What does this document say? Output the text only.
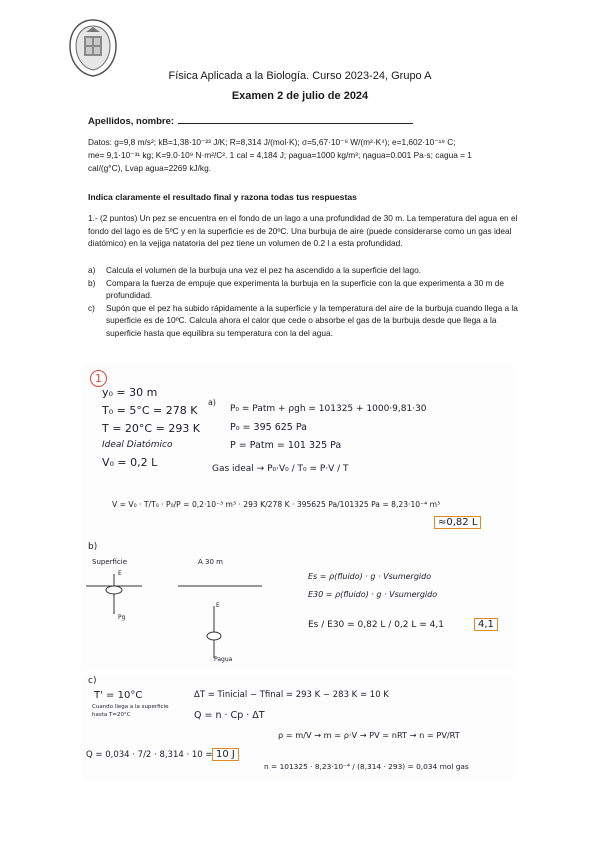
Física Aplicada a la Biología. Curso 2023-24, Grupo A
Examen 2 de julio de 2024
Apellidos, nombre:
Datos: g=9,8 m/s²; kB=1,38·10⁻²³ J/K; R=8,314 J/(mol·K); σ=5,67·10⁻⁸ W/(m²·K⁴); e=1,602·10⁻¹⁹ C;
me= 9,1·10⁻³¹ kg; K=9.0·10⁹ N·m²/C². 1 cal = 4,184 J; ρagua=1000 kg/m³; ηagua=0.001 Pa·s; cagua = 1
cal/(g°C), Lvap agua=2269 kJ/kg.
Indica claramente el resultado final y razona todas tus respuestas
1.- (2 puntos) Un pez se encuentra en el fondo de un lago a una profundidad de 30 m. La temperatura del agua en el fondo del lago es de 5ºC y en la superficie es de 20ºC. Una burbuja de aire (puede considerarse como un gas ideal diatómico) en la vejiga natatoria del pez tiene un volumen de 0.2 l a esta profundidad.
a)	Calcula el volumen de la burbuja una vez el pez ha ascendido a la superficie del lago.
b)	Compara la fuerza de empuje que experimenta la burbuja en la superficie con la que experimenta a 30 m de profundidad.
c)	Supón que el pez ha subido rápidamente a la superficie y la temperatura del aire de la burbuja cuando llega a la superficie es de 10ºC. Calcula ahora el calor que cede o absorbe el gas de la burbuja desde que llega a la superficie hasta que equilibra su temperatura con la del agua.
1
y₀ = 30 m
T₀ = 5°C = 278 K
T = 20°C = 293 K
Ideal Diatómico
V₀ = 0,2 L
a)
P₀ = Patm + ρgh = 101325 + 1000·9,81·30
P₀ = 395 625 Pa
P = Patm = 101 325 Pa
Gas ideal → P₀·V₀ / T₀ = P·V / T
V = V₀ · T/T₀ · P₀/P = 0,2·10⁻³ m³ · 293 K/278 K · 395625 Pa/101325 Pa = 8,23·10⁻⁴ m³
≈0,82 L
b)
Superficie	A 30 m
E
Pg
E
Pagua
Es = ρ(fluido) · g · Vsumergido
E30 = ρ(fluido) · g · Vsumergido
Es / E30 = 0,82 L / 0,2 L = 4,1	4,1
c)
T' = 10°C
Cuando llega a la superficie
hasta T=20°C
ΔT = Tinicial − Tfinal = 293 K − 283 K = 10 K
Q = n · Cp · ΔT
ρ = m/V → m = ρ·V → PV = nRT → n = PV/RT
Q = 0,034 · 7/2 · 8,314 · 10 = 10 J
n = 101325 · 8,23·10⁻⁴ / (8,314 · 293) = 0,034 mol gas
